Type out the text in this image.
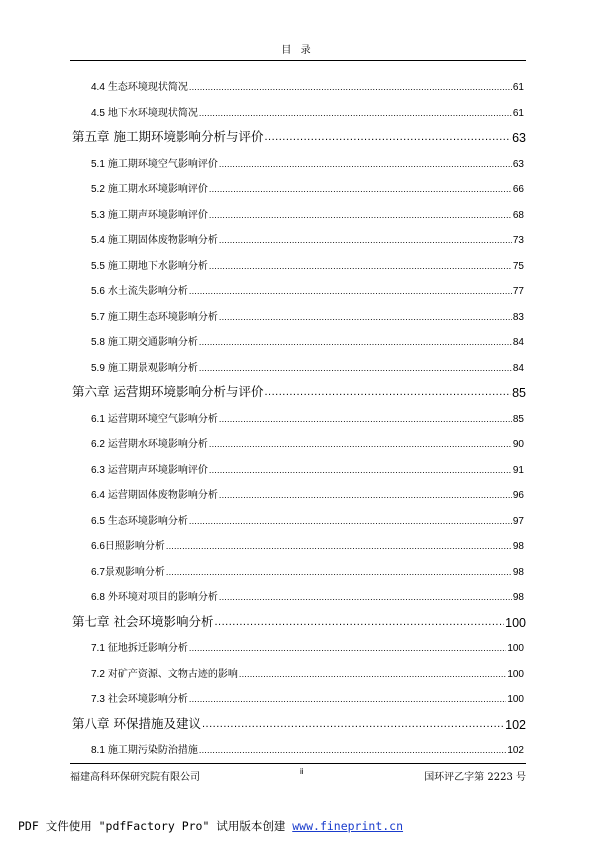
目 录
4.4 生态环境现状简况 .....	61
4.5 地下水环境现状简况 .....	61
第五章 施工期环境影响分析与评价 .....	63
5.1 施工期环境空气影响评价 .....	63
5.2 施工期水环境影响评价 .....	66
5.3 施工期声环境影响评价 .....	68
5.4 施工期固体废物影响分析 .....	73
5.5 施工期地下水影响分析 .....	75
5.6 水土流失影响分析 .....	77
5.7 施工期生态环境影响分析 .....	83
5.8 施工期交通影响分析 .....	84
5.9 施工期景观影响分析 .....	84
第六章 运营期环境影响分析与评价 .....	85
6.1 运营期环境空气影响分析 .....	85
6.2 运营期水环境影响分析 .....	90
6.3 运营期声环境影响评价 .....	91
6.4 运营期固体废物影响分析 .....	96
6.5 生态环境影响分析 .....	97
6.6 日照影响分析 .....	98
6.7 景观影响分析 .....	98
6.8 外环境对项目的影响分析 .....	98
第七章 社会环境影响分析 .....	100
7.1 征地拆迁影响分析 .....	100
7.2 对矿产资源、文物古迹的影响 .....	100
7.3 社会环境影响分析 .....	100
第八章 环保措施及建议 .....	102
8.1 施工期污染防治措施 .....	102
福建高科环保研究院有限公司
ii
国环评乙字第 2223 号
PDF 文件使用 "pdfFactory Pro" 试用版本创建 www.fineprint.cn
